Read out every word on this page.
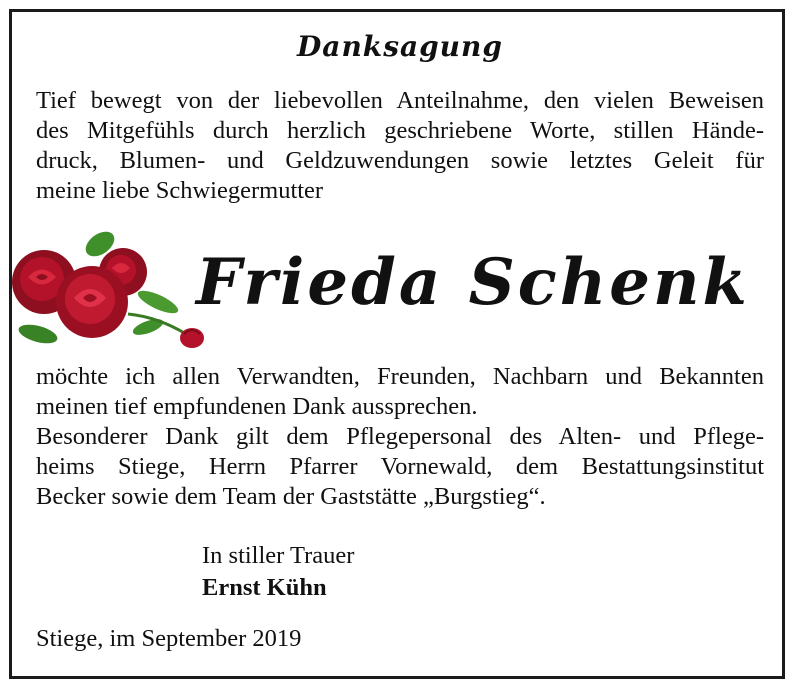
Danksagung
Tief bewegt von der liebevollen Anteilnahme, den vielen Beweisen
des Mitgefühls durch herzlich geschriebene Worte, stillen Hände-
druck, Blumen- und Geldzuwendungen sowie letztes Geleit für
meine liebe Schwiegermutter
Frieda Schenk
möchte ich allen Verwandten, Freunden, Nachbarn und Bekannten
meinen tief empfundenen Dank aussprechen.
Besonderer Dank gilt dem Pflegepersonal des Alten- und Pflege-
heims Stiege, Herrn Pfarrer Vornewald, dem Bestattungsinstitut
Becker sowie dem Team der Gaststätte „Burgstieg“.
In stiller Trauer
Ernst Kühn
Stiege, im September 2019
